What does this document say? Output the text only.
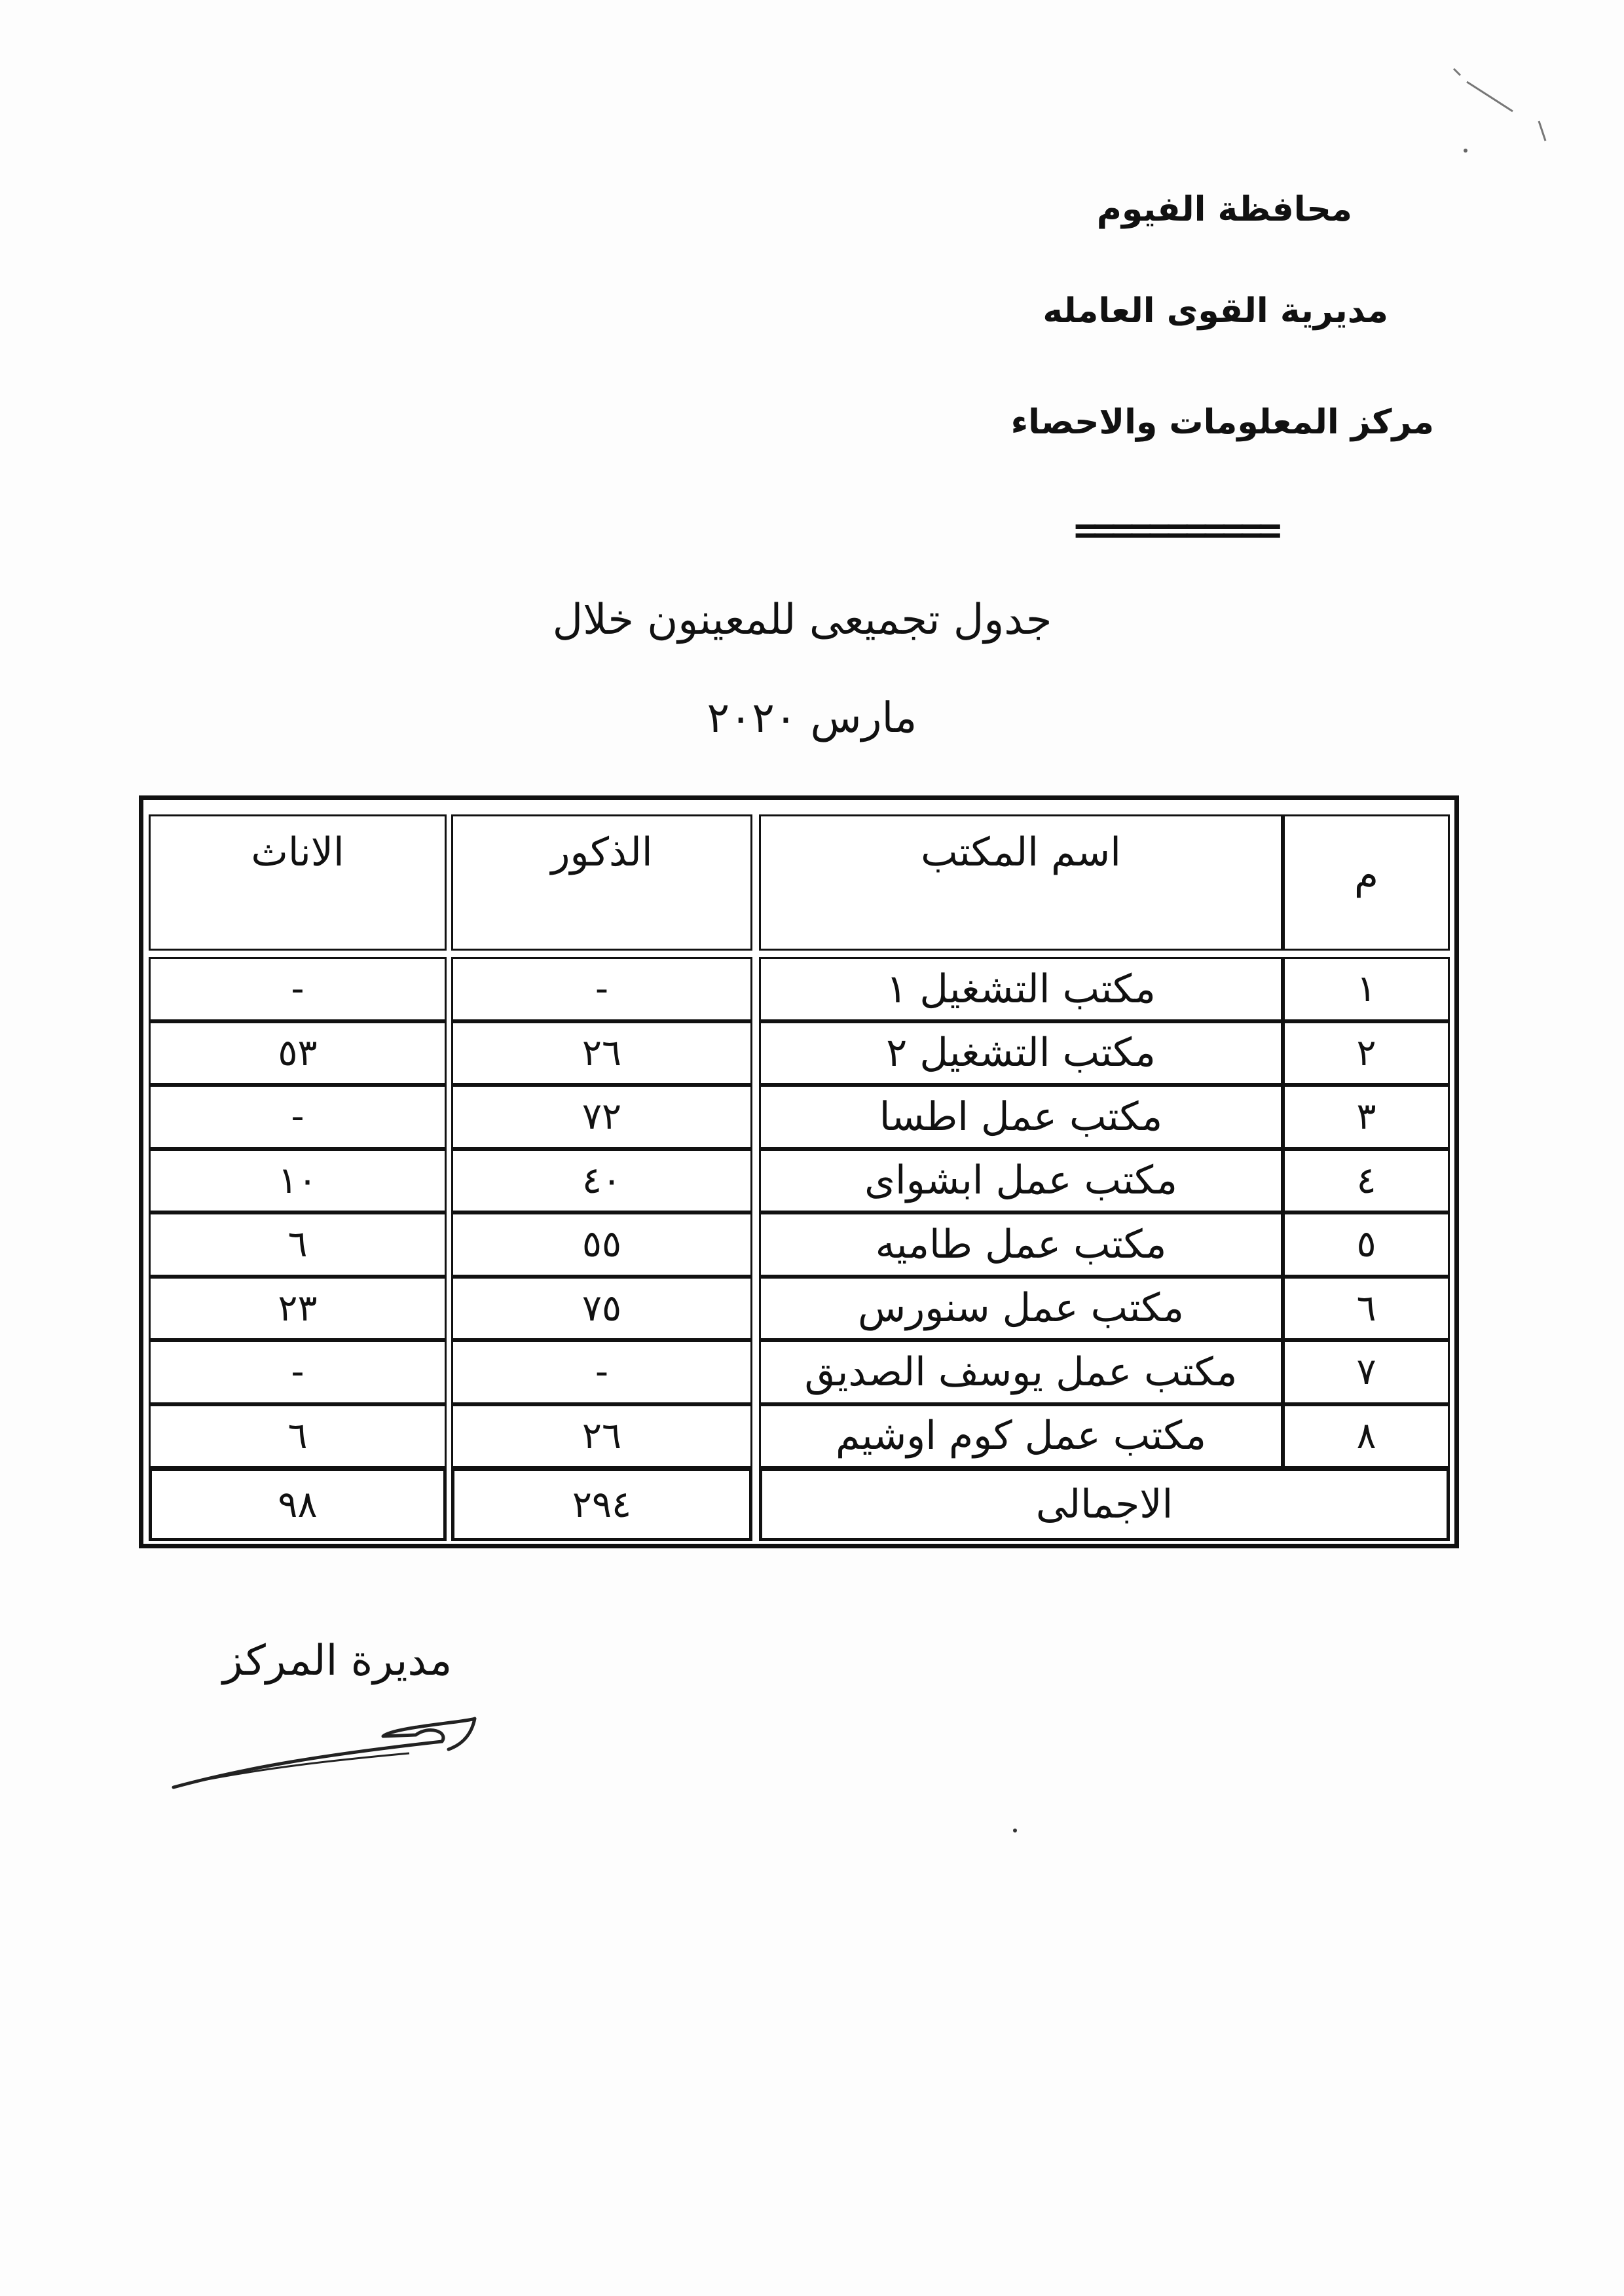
محافظة الفيوم
مديرية القوى العامله
مركز المعلومات والاحصاء
===========
جدول تجميعى للمعينون خلال
مارس ٢٠٢٠
م
اسم المكتب
الذكور
الاناث
١
مكتب التشغيل ١
-
-
٢
مكتب التشغيل ٢
٢٦
٥٣
٣
مكتب عمل اطسا
٧٢
-
٤
مكتب عمل ابشواى
٤٠
١٠
٥
مكتب عمل طاميه
٥٥
٦
٦
مكتب عمل سنورس
٧٥
٢٣
٧
مكتب عمل يوسف الصديق
-
-
٨
مكتب عمل كوم اوشيم
٢٦
٦
الاجمالى
٢٩٤
٩٨
مديرة المركز
